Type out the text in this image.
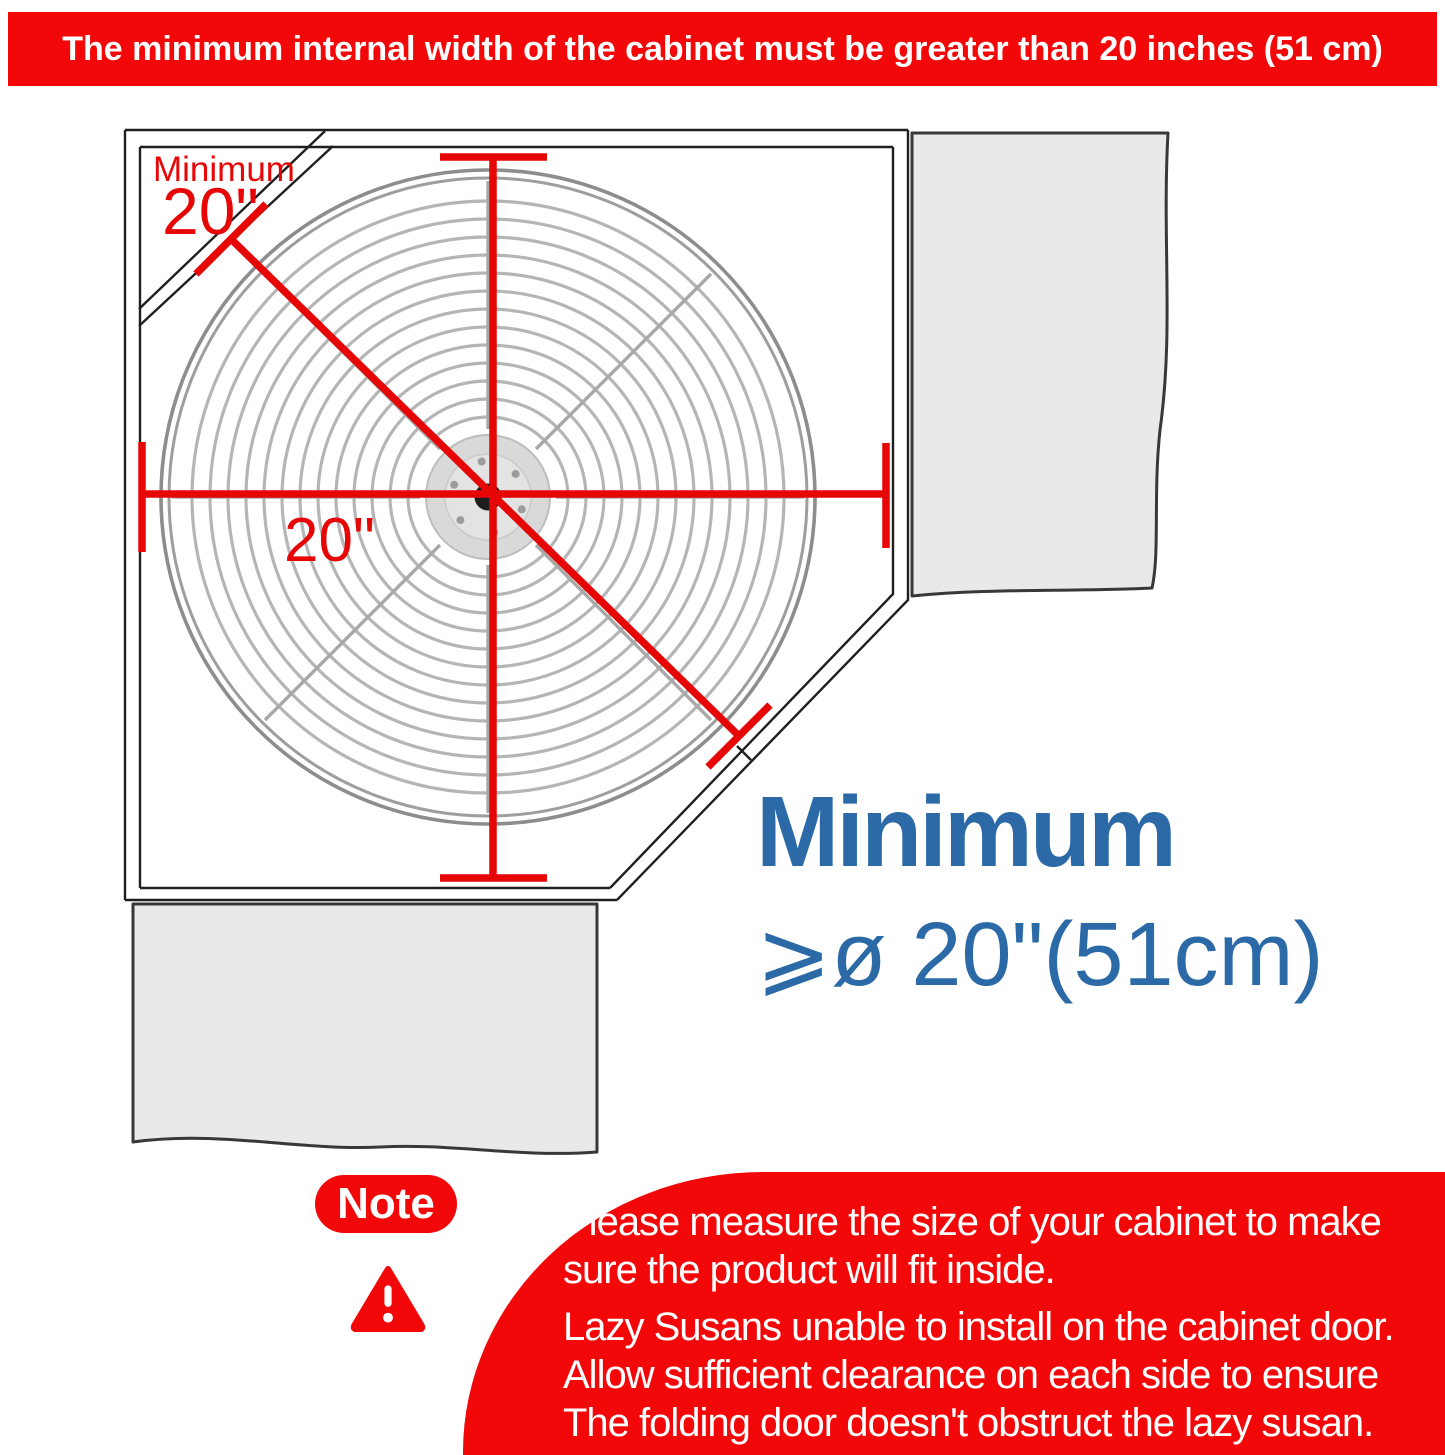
The minimum internal width of the cabinet must be greater than 20 inches (51 cm)
Minimum
20"
20"
Minimum
⩾ø 20"(51cm)
Note	Please measure the size of your cabinet to make
sure the product will fit inside.
Lazy Susans unable to install on the cabinet door.
Allow sufficient clearance on each side to ensure
The folding door doesn't obstruct the lazy susan.
